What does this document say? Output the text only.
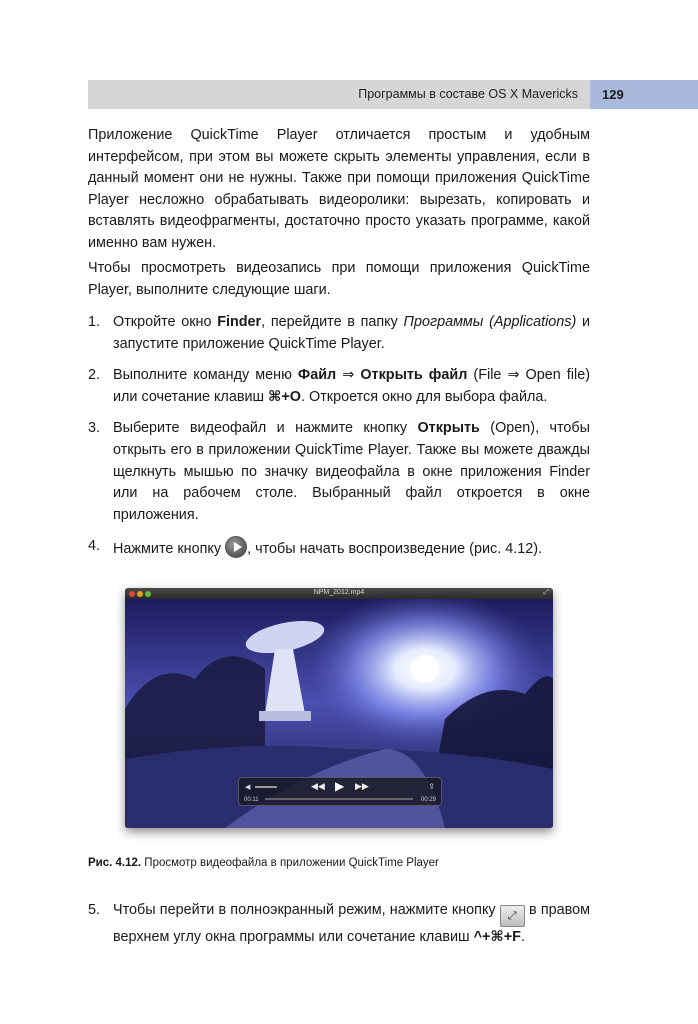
Программы в составе OS X Mavericks	129

Приложение QuickTime Player отличается простым и удобным интерфейсом, при этом вы можете скрыть элементы управления, если в данный момент они не нужны. Также при помощи приложения QuickTime Player несложно обрабатывать видеоролики: вырезать, копировать и вставлять видеофрагменты, достаточно просто указать программе, какой именно вам нужен.

Чтобы просмотреть видеозапись при помощи приложения QuickTime Player, выполните следующие шаги.

1. Откройте окно Finder, перейдите в папку Программы (Applications) и запустите приложение QuickTime Player.
2. Выполните команду меню Файл ⇒ Открыть файл (File ⇒ Open file) или сочетание клавиш ⌘+O. Откроется окно для выбора файла.
3. Выберите видеофайл и нажмите кнопку Открыть (Open), чтобы открыть его в приложении QuickTime Player. Также вы можете дважды щелкнуть мышью по значку видеофайла в окне приложения Finder или на рабочем столе. Выбранный файл откроется в окне приложения.
4. Нажмите кнопку , чтобы начать воспроизведение (рис. 4.12).
NPM_2012.mp4	⤢
◀	◀◀ ▶ ▶▶	⇪
00:11	00:29
Рис. 4.12. Просмотр видеофайла в приложении QuickTime Player
5. Чтобы перейти в полноэкранный режим, нажмите кнопку ⤢ в правом верхнем углу окна программы или сочетание клавиш ^+⌘+F.
